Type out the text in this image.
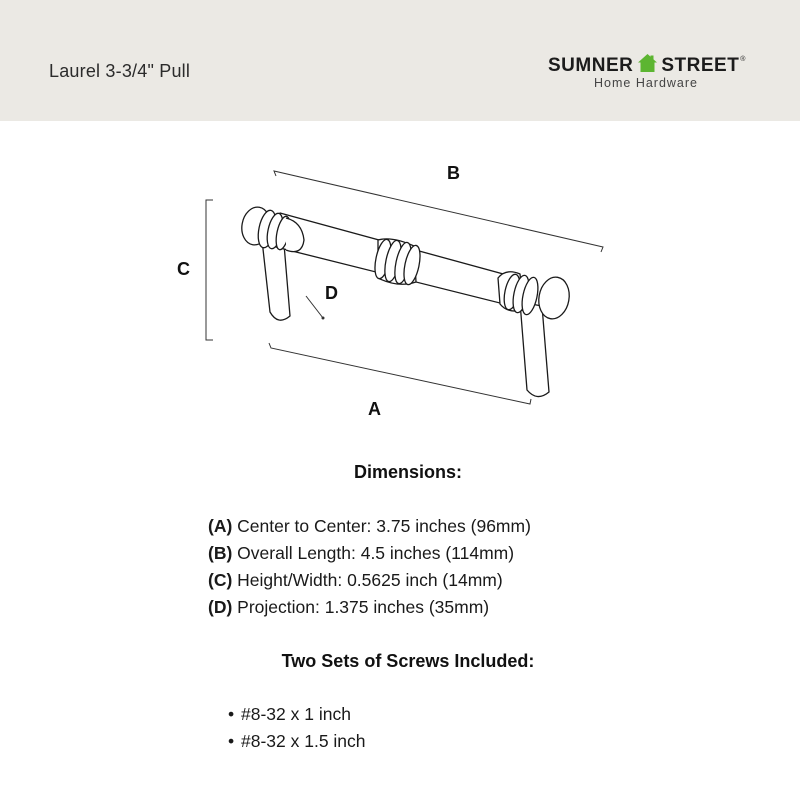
Laurel 3-3/4" Pull	SUMNER STREET®
Home Hardware
B
C
D
A
Dimensions:
(A) Center to Center: 3.75 inches (96mm)
(B) Overall Length: 4.5 inches (114mm)
(C) Height/Width: 0.5625 inch (14mm)
(D) Projection: 1.375 inches (35mm)
Two Sets of Screws Included:
• #8-32 x 1 inch
• #8-32 x 1.5 inch
